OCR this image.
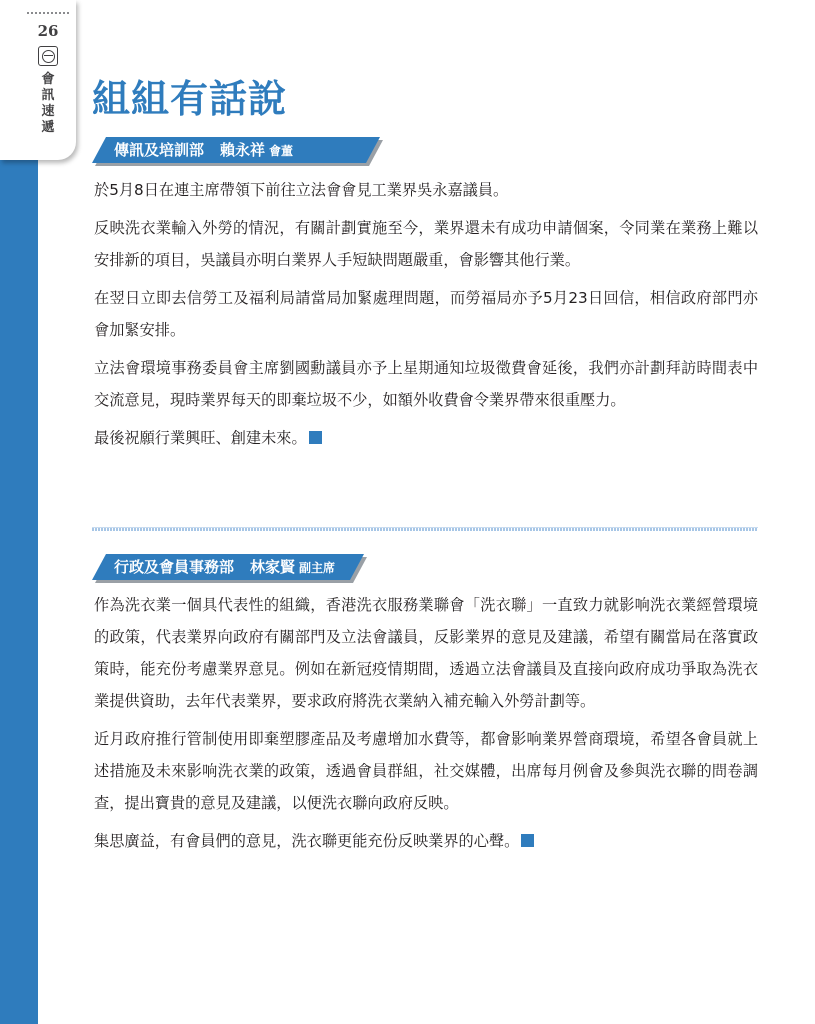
26
會
訊
速
遞
組組有話說
傳訊及培訓部 賴永祥 會董

於5月8日在連主席帶領下前往立法會會見工業界吳永嘉議員。

反映洗衣業輸入外勞的情況，有關計劃實施至今，業界還未有成功申請個案，令同業在業務上難以安排新的項目，吳議員亦明白業界人手短缺問題嚴重，會影響其他行業。

在翌日立即去信勞工及福利局請當局加緊處理問題，而勞福局亦予5月23日回信，相信政府部門亦會加緊安排。

立法會環境事務委員會主席劉國勳議員亦予上星期通知垃圾徵費會延後，我們亦計劃拜訪時間表中交流意見，現時業界每天的即棄垃圾不少，如額外收費會令業界帶來很重壓力。

最後祝願行業興旺、創建未來。

行政及會員事務部 林家賢 副主席

作為洗衣業一個具代表性的組織，香港洗衣服務業聯會「洗衣聯」一直致力就影响洗衣業經營環境的政策，代表業界向政府有關部門及立法會議員，反影業界的意見及建議，希望有關當局在落實政策時，能充份考慮業界意見。例如在新冠疫情期間，透過立法會議員及直接向政府成功爭取為洗衣業提供資助，去年代表業界，要求政府將洗衣業納入補充輸入外勞計劃等。

近月政府推行管制使用即棄塑膠產品及考慮增加水費等，都會影响業界營商環境，希望各會員就上述措施及未來影响洗衣業的政策，透過會員群組，社交媒體，出席每月例會及參與洗衣聯的問卷調查，提出寶貴的意見及建議，以便洗衣聯向政府反映。

集思廣益，有會員們的意見，洗衣聯更能充份反映業界的心聲。
